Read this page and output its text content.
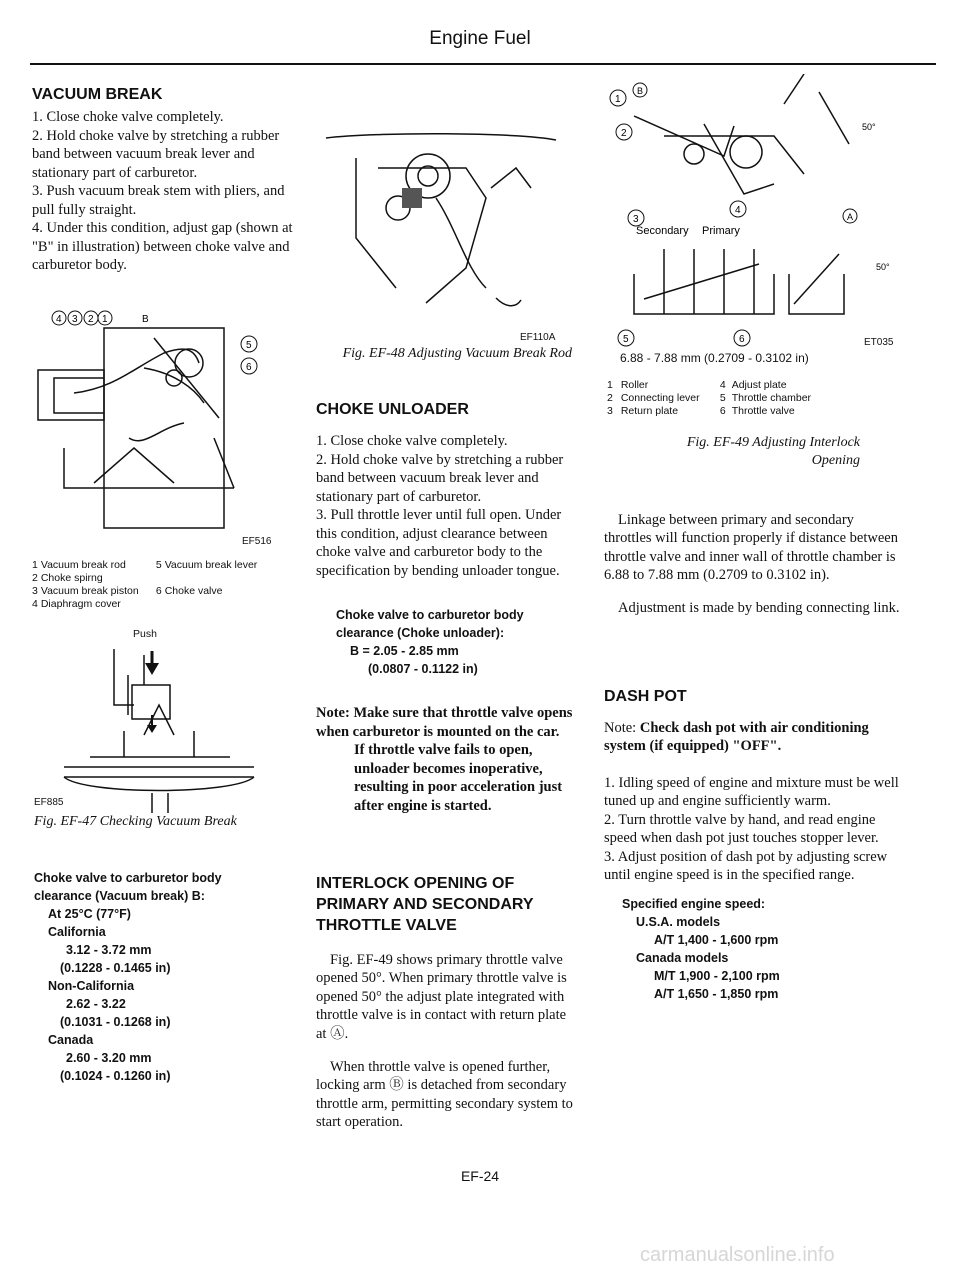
Engine Fuel
VACUUM BREAK

1. Close choke valve completely.

2. Hold choke valve by stretching a rubber band between vacuum break lever and stationary part of carburetor.

3. Push vacuum break stem with pliers, and pull fully straight.

4. Under this condition, adjust gap (shown at "B" in illustration) between choke valve and carburetor body.

4 3 2 1	B
5
6
EF516
1	Vacuum break rod	5	Vacuum break lever
2	Choke spirng		
3	Vacuum break piston	6	Choke valve
4	Diaphragm cover		
Push
EF885
Fig. EF-47 Checking Vacuum Break
Choke valve to carburetor body clearance (Vacuum break) B:
At 25°C (77°F)
California
3.12 - 3.72 mm
(0.1228 - 0.1465 in)
Non-California
2.62 - 3.22
(0.1031 - 0.1268 in)
Canada
2.60 - 3.20 mm
(0.1024 - 0.1260 in)
EF110A
Fig. EF-48 Adjusting Vacuum Break Rod
CHOKE UNLOADER

1. Close choke valve completely.

2. Hold choke valve by stretching a rubber band between vacuum break lever and stationary part of carburetor.

3. Pull throttle lever until full open. Under this condition, adjust clearance between choke valve and carburetor body to the specification by bending unloader tongue.

Choke valve to carburetor body clearance (Choke unloader):
B = 2.05 - 2.85 mm
(0.0807 - 0.1122 in)
Note: Make sure that throttle valve opens when carburetor is mounted on the car.
If throttle valve fails to open, unloader becomes inoperative, resulting in poor acceleration just after engine is started.
INTERLOCK OPENING OF PRIMARY AND SECONDARY THROTTLE VALVE

Fig. EF-49 shows primary throttle valve opened 50°. When primary throttle valve is opened 50° the adjust plate integrated with throttle valve is in contact with return plate at Ⓐ.

When throttle valve is opened further, locking arm Ⓑ is detached from secondary throttle arm, permitting secondary system to start operation.

1
2
3
4
5	6
A
B
50°
50°
Secondary Primary
ET035
6.88 - 7.88 mm (0.2709 - 0.3102 in)
1	Roller	4	Adjust plate
2	Connecting lever	5	Throttle chamber
3	Return plate	6	Throttle valve
Fig. EF-49 Adjusting Interlock Opening

Linkage between primary and secondary throttles will function properly if distance between throttle valve and inner wall of throttle chamber is 6.88 to 7.88 mm (0.2709 to 0.3102 in).

Adjustment is made by bending connecting link.

DASH POT
Note: Check dash pot with air conditioning system (if equipped) "OFF".

1. Idling speed of engine and mixture must be well tuned up and engine sufficiently warm.

2. Turn throttle valve by hand, and read engine speed when dash pot just touches stopper lever.

3. Adjust position of dash pot by adjusting screw until engine speed is in the specified range.

Specified engine speed:
U.S.A. models
A/T 1,400 - 1,600 rpm
Canada models
M/T 1,900 - 2,100 rpm
A/T 1,650 - 1,850 rpm
EF-24
carmanualsonline.info
